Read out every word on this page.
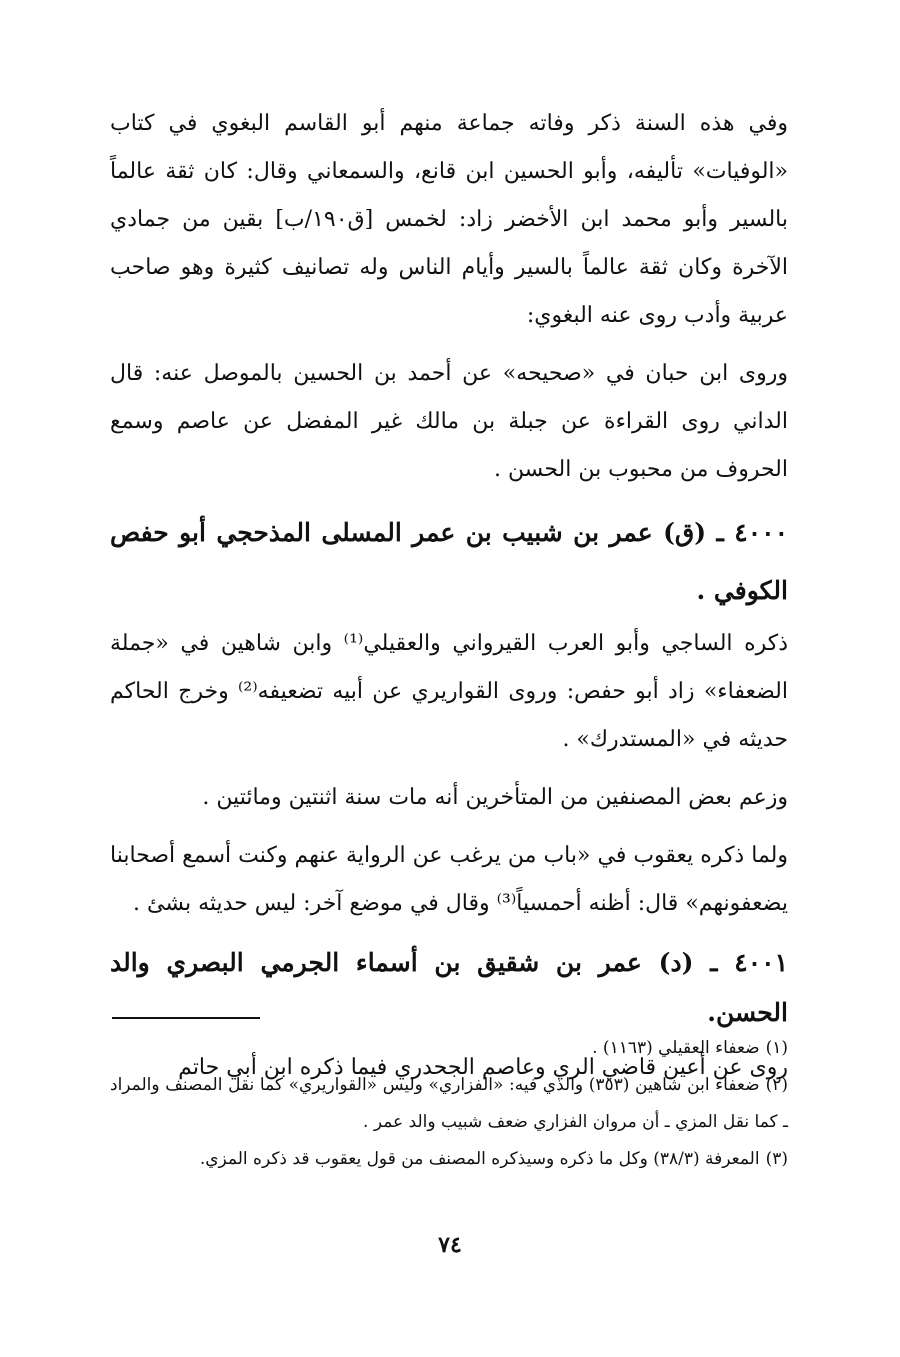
وفي هذه السنة ذكر وفاته جماعة منهم أبو القاسم البغوي في كتاب «الوفيات» تأليفه، وأبو الحسين ابن قانع، والسمعاني وقال: كان ثقة عالماً بالسير وأبو محمد ابن الأخضر زاد: لخمس [ق١٩٠/ب] بقين من جمادي الآخرة وكان ثقة عالماً بالسير وأيام الناس وله تصانيف كثيرة وهو صاحب عربية وأدب روى عنه البغوي:

وروى ابن حبان في «صحيحه» عن أحمد بن الحسين بالموصل عنه: قال الداني روى القراءة عن جبلة بن مالك غير المفضل عن عاصم وسمع الحروف من محبوب بن الحسن .

٤٠٠٠ ـ (ق) عمر بن شبيب بن عمر المسلى المذحجي أبو حفص الكوفي .

ذكره الساجي وأبو العرب القيرواني والعقيلي⁽¹⁾ وابن شاهين في «جملة الضعفاء» زاد أبو حفص: وروى القواريري عن أبيه تضعيفه⁽²⁾ وخرج الحاكم حديثه في «المستدرك» .

وزعم بعض المصنفين من المتأخرين أنه مات سنة اثنتين ومائتين .

ولما ذكره يعقوب في «باب من يرغب عن الرواية عنهم وكنت أسمع أصحابنا يضعفونهم» قال: أظنه أحمسياً⁽³⁾ وقال في موضع آخر: ليس حديثه بشئ .

٤٠٠١ ـ (د) عمر بن شقيق بن أسماء الجرمي البصري والد الحسن.

روى عن أعين قاضي الري وعاصم الجحدري فيما ذكره ابن أبي حاتم

(١)ضعفاء العقيلي (١١٦٣) .

(٢)ضعفاء ابن شاهين (٣٥٣) والذي فيه: «الفزاري» وليس «القواريري» كما نقل المصنف والمراد ـ كما نقل المزي ـ أن مروان الفزاري ضعف شبيب والد عمر .

(٣)المعرفة (٣٨/٣) وكل ما ذكره وسيذكره المصنف من قول يعقوب قد ذكره المزي.

٧٤
